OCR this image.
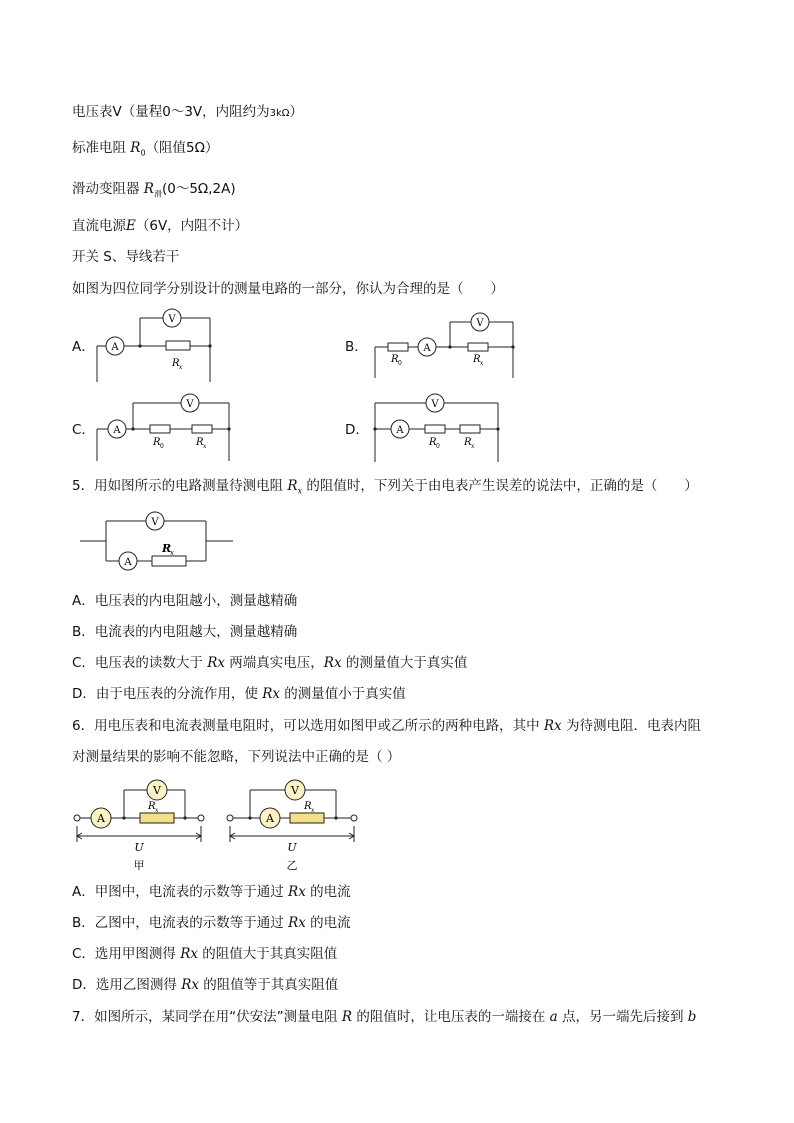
电压表V（量程0～3V，内阻约为3kΩ）
标准电阻 $R_0$（阻值5Ω）
滑动变阻器 $R_滑(0\sim 5\Omega,2A)$
直流电源E（6V，内阻不计）
开关 S、导线若干
如图为四位同学分别设计的测量电路的一部分，你认为合理的是（　　）
A． A
V
R x
B．	A
V
R 0	R x
C． A
V
R 0	R x
D．	A
V
R 0 R x
5．用如图所示的电路测量待测电阻 $R_x$ 的阻值时，下列关于由电表产生误差的说法中，正确的是（　　）
V
A
R
x
A．电压表的内电阻越小，测量越精确
B．电流表的内电阻越大，测量越精确
C．电压表的读数大于 Rx 两端真实电压，Rx 的测量值大于真实值
D．由于电压表的分流作用，使 Rx 的测量值小于真实值
6．用电压表和电流表测量电阻时，可以选用如图甲或乙所示的两种电路，其中 Rx 为待测电阻．电表内阻
对测量结果的影响不能忽略，下列说法中正确的是（ ）
A
V
R x
U
甲
A
V
R x
U
乙
A．甲图中，电流表的示数等于通过 Rx 的电流
B．乙图中，电流表的示数等于通过 Rx 的电流
C．选用甲图测得 Rx 的阻值大于其真实阻值
D．选用乙图测得 Rx 的阻值等于其真实阻值
7．如图所示，某同学在用“伏安法”测量电阻 R 的阻值时，让电压表的一端接在 a 点，另一端先后接到 b
